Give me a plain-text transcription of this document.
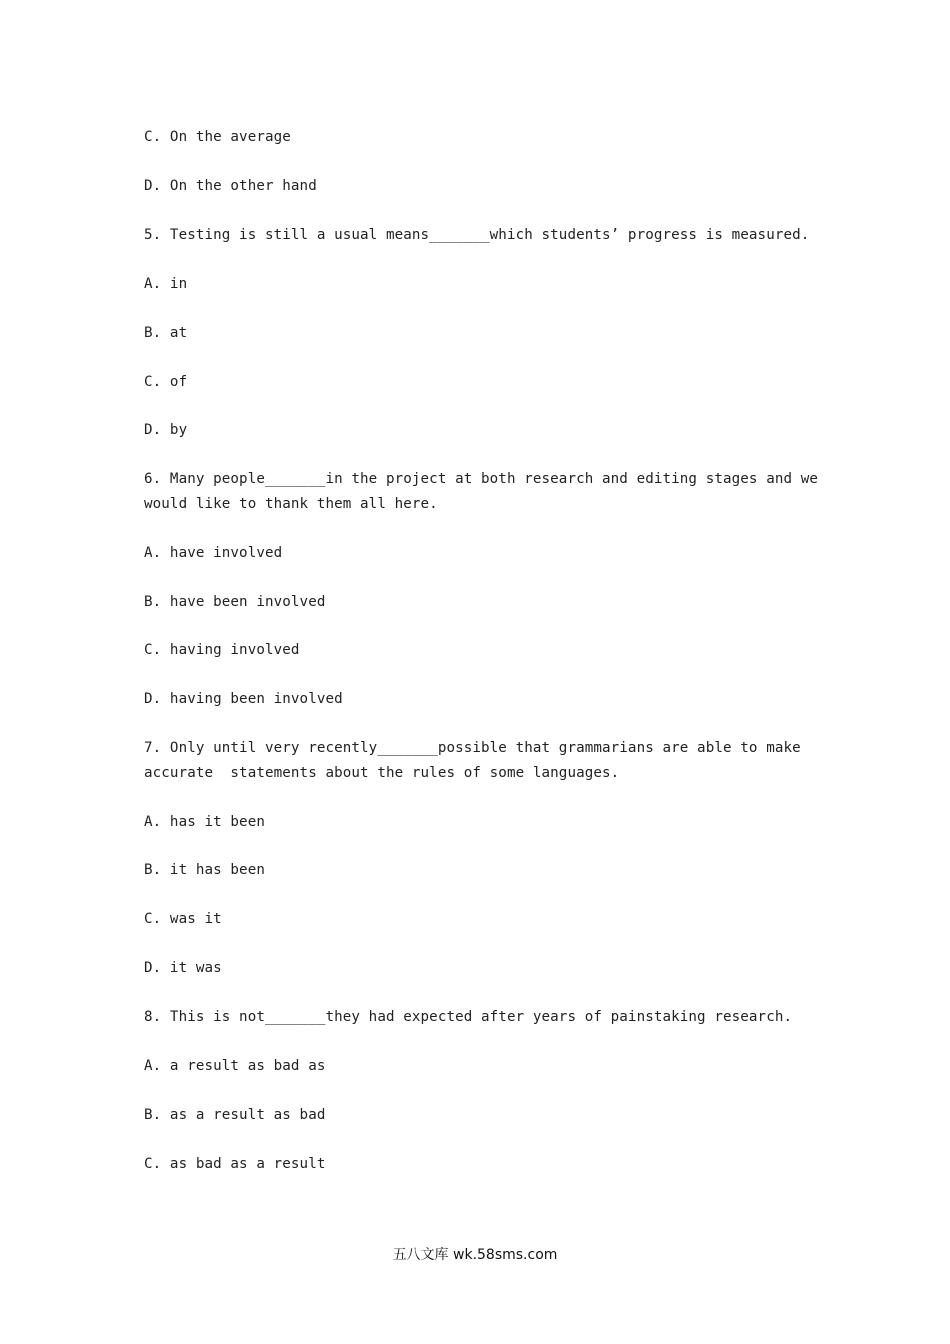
C. On the average
D. On the other hand
5. Testing is still a usual means_______which students’ progress is measured.
A. in
B. at
C. of
D. by
6. Many people_______in the project at both research and editing stages and we
would like to thank them all here.
A. have involved
B. have been involved
C. having involved
D. having been involved
7. Only until very recently_______possible that grammarians are able to make
accurate  statements about the rules of some languages.
A. has it been
B. it has been
C. was it
D. it was
8. This is not_______they had expected after years of painstaking research.
A. a result as bad as
B. as a result as bad
C. as bad as a result
五八文库 wk.58sms.com
